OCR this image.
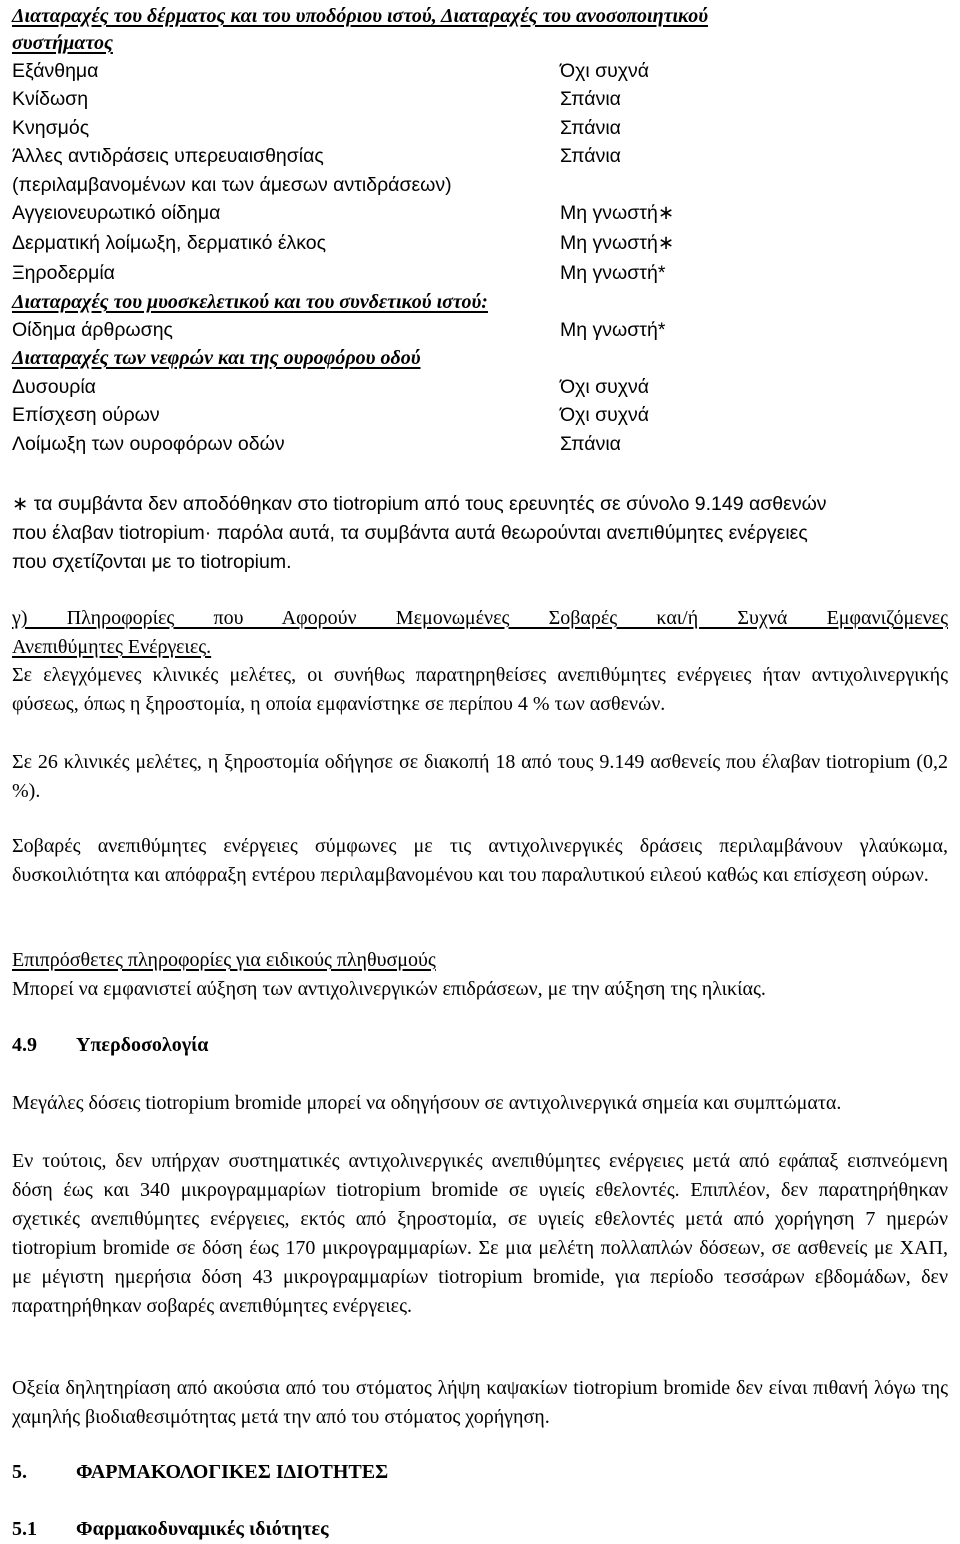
Διαταραχές του δέρματος και του υποδόριου ιστού, Διαταραχές του ανοσοποιητικού
συστήματος
Εξάνθημα	Όχι συχνά
Κνίδωση	Σπάνια
Κνησμός	Σπάνια
Άλλες αντιδράσεις υπερευαισθησίας	Σπάνια
(περιλαμβανομένων και των άμεσων αντιδράσεων)
Αγγειονευρωτικό οίδημα	Μη γνωστή∗
Δερματική λοίμωξη, δερματικό έλκος	Μη γνωστή∗
Ξηροδερμία	Μη γνωστή*
Διαταραχές του μυοσκελετικού και του συνδετικού ιστού:
Οίδημα άρθρωσης	Μη γνωστή*
Διαταραχές των νεφρών και της ουροφόρου οδού
Δυσουρία	Όχι συχνά
Επίσχεση ούρων	Όχι συχνά
Λοίμωξη των ουροφόρων οδών	Σπάνια
∗ τα συμβάντα δεν αποδόθηκαν στο tiotropium από τους ερευνητές σε σύνολο 9.149 ασθενών
που έλαβαν tiotropium· παρόλα αυτά, τα συμβάντα αυτά θεωρούνται ανεπιθύμητες ενέργειες
που σχετίζονται με το tiotropium.
γ) Πληροφορίες που Αφορούν Μεμονωμένες Σοβαρές και/ή Συχνά Εμφανιζόμενες
Ανεπιθύμητες Ενέργειες.
Σε ελεγχόμενες κλινικές μελέτες, οι συνήθως παρατηρηθείσες ανεπιθύμητες ενέργειες ήταν αντιχολινεργικής φύσεως, όπως η ξηροστομία, η οποία εμφανίστηκε σε περίπου 4 % των ασθενών.
Σε 26 κλινικές μελέτες, η ξηροστομία οδήγησε σε διακοπή 18 από τους 9.149 ασθενείς που έλαβαν tiotropium (0,2 %).
Σοβαρές ανεπιθύμητες ενέργειες σύμφωνες με τις αντιχολινεργικές δράσεις περιλαμβάνουν γλαύκωμα, δυσκοιλιότητα και απόφραξη εντέρου περιλαμβανομένου και του παραλυτικού ειλεού καθώς και επίσχεση ούρων.
Επιπρόσθετες πληροφορίες για ειδικούς πληθυσμούς
Μπορεί να εμφανιστεί αύξηση των αντιχολινεργικών επιδράσεων, με την αύξηση της ηλικίας.
4.9 Υπερδοσολογία
Μεγάλες δόσεις tiotropium bromide μπορεί να οδηγήσουν σε αντιχολινεργικά σημεία και συμπτώματα.
Εν τούτοις, δεν υπήρχαν συστηματικές αντιχολινεργικές ανεπιθύμητες ενέργειες μετά από εφάπαξ εισπνεόμενη δόση έως και 340 μικρογραμμαρίων tiotropium bromide σε υγιείς εθελοντές. Επιπλέον, δεν παρατηρήθηκαν σχετικές ανεπιθύμητες ενέργειες, εκτός από ξηροστομία, σε υγιείς εθελοντές μετά από χορήγηση 7 ημερών tiotropium bromide σε δόση έως 170 μικρογραμμαρίων. Σε μια μελέτη πολλαπλών δόσεων, σε ασθενείς με ΧΑΠ, με μέγιστη ημερήσια δόση 43 μικρογραμμαρίων tiotropium bromide, για περίοδο τεσσάρων εβδομάδων, δεν παρατηρήθηκαν σοβαρές ανεπιθύμητες ενέργειες.
Οξεία δηλητηρίαση από ακούσια από του στόματος λήψη καψακίων tiotropium bromide δεν είναι πιθανή λόγω της χαμηλής βιοδιαθεσιμότητας μετά την από του στόματος χορήγηση.
5. ΦΑΡΜΑΚΟΛΟΓΙΚΕΣ ΙΔΙΟΤΗΤΕΣ
5.1 Φαρμακοδυναμικές ιδιότητες
